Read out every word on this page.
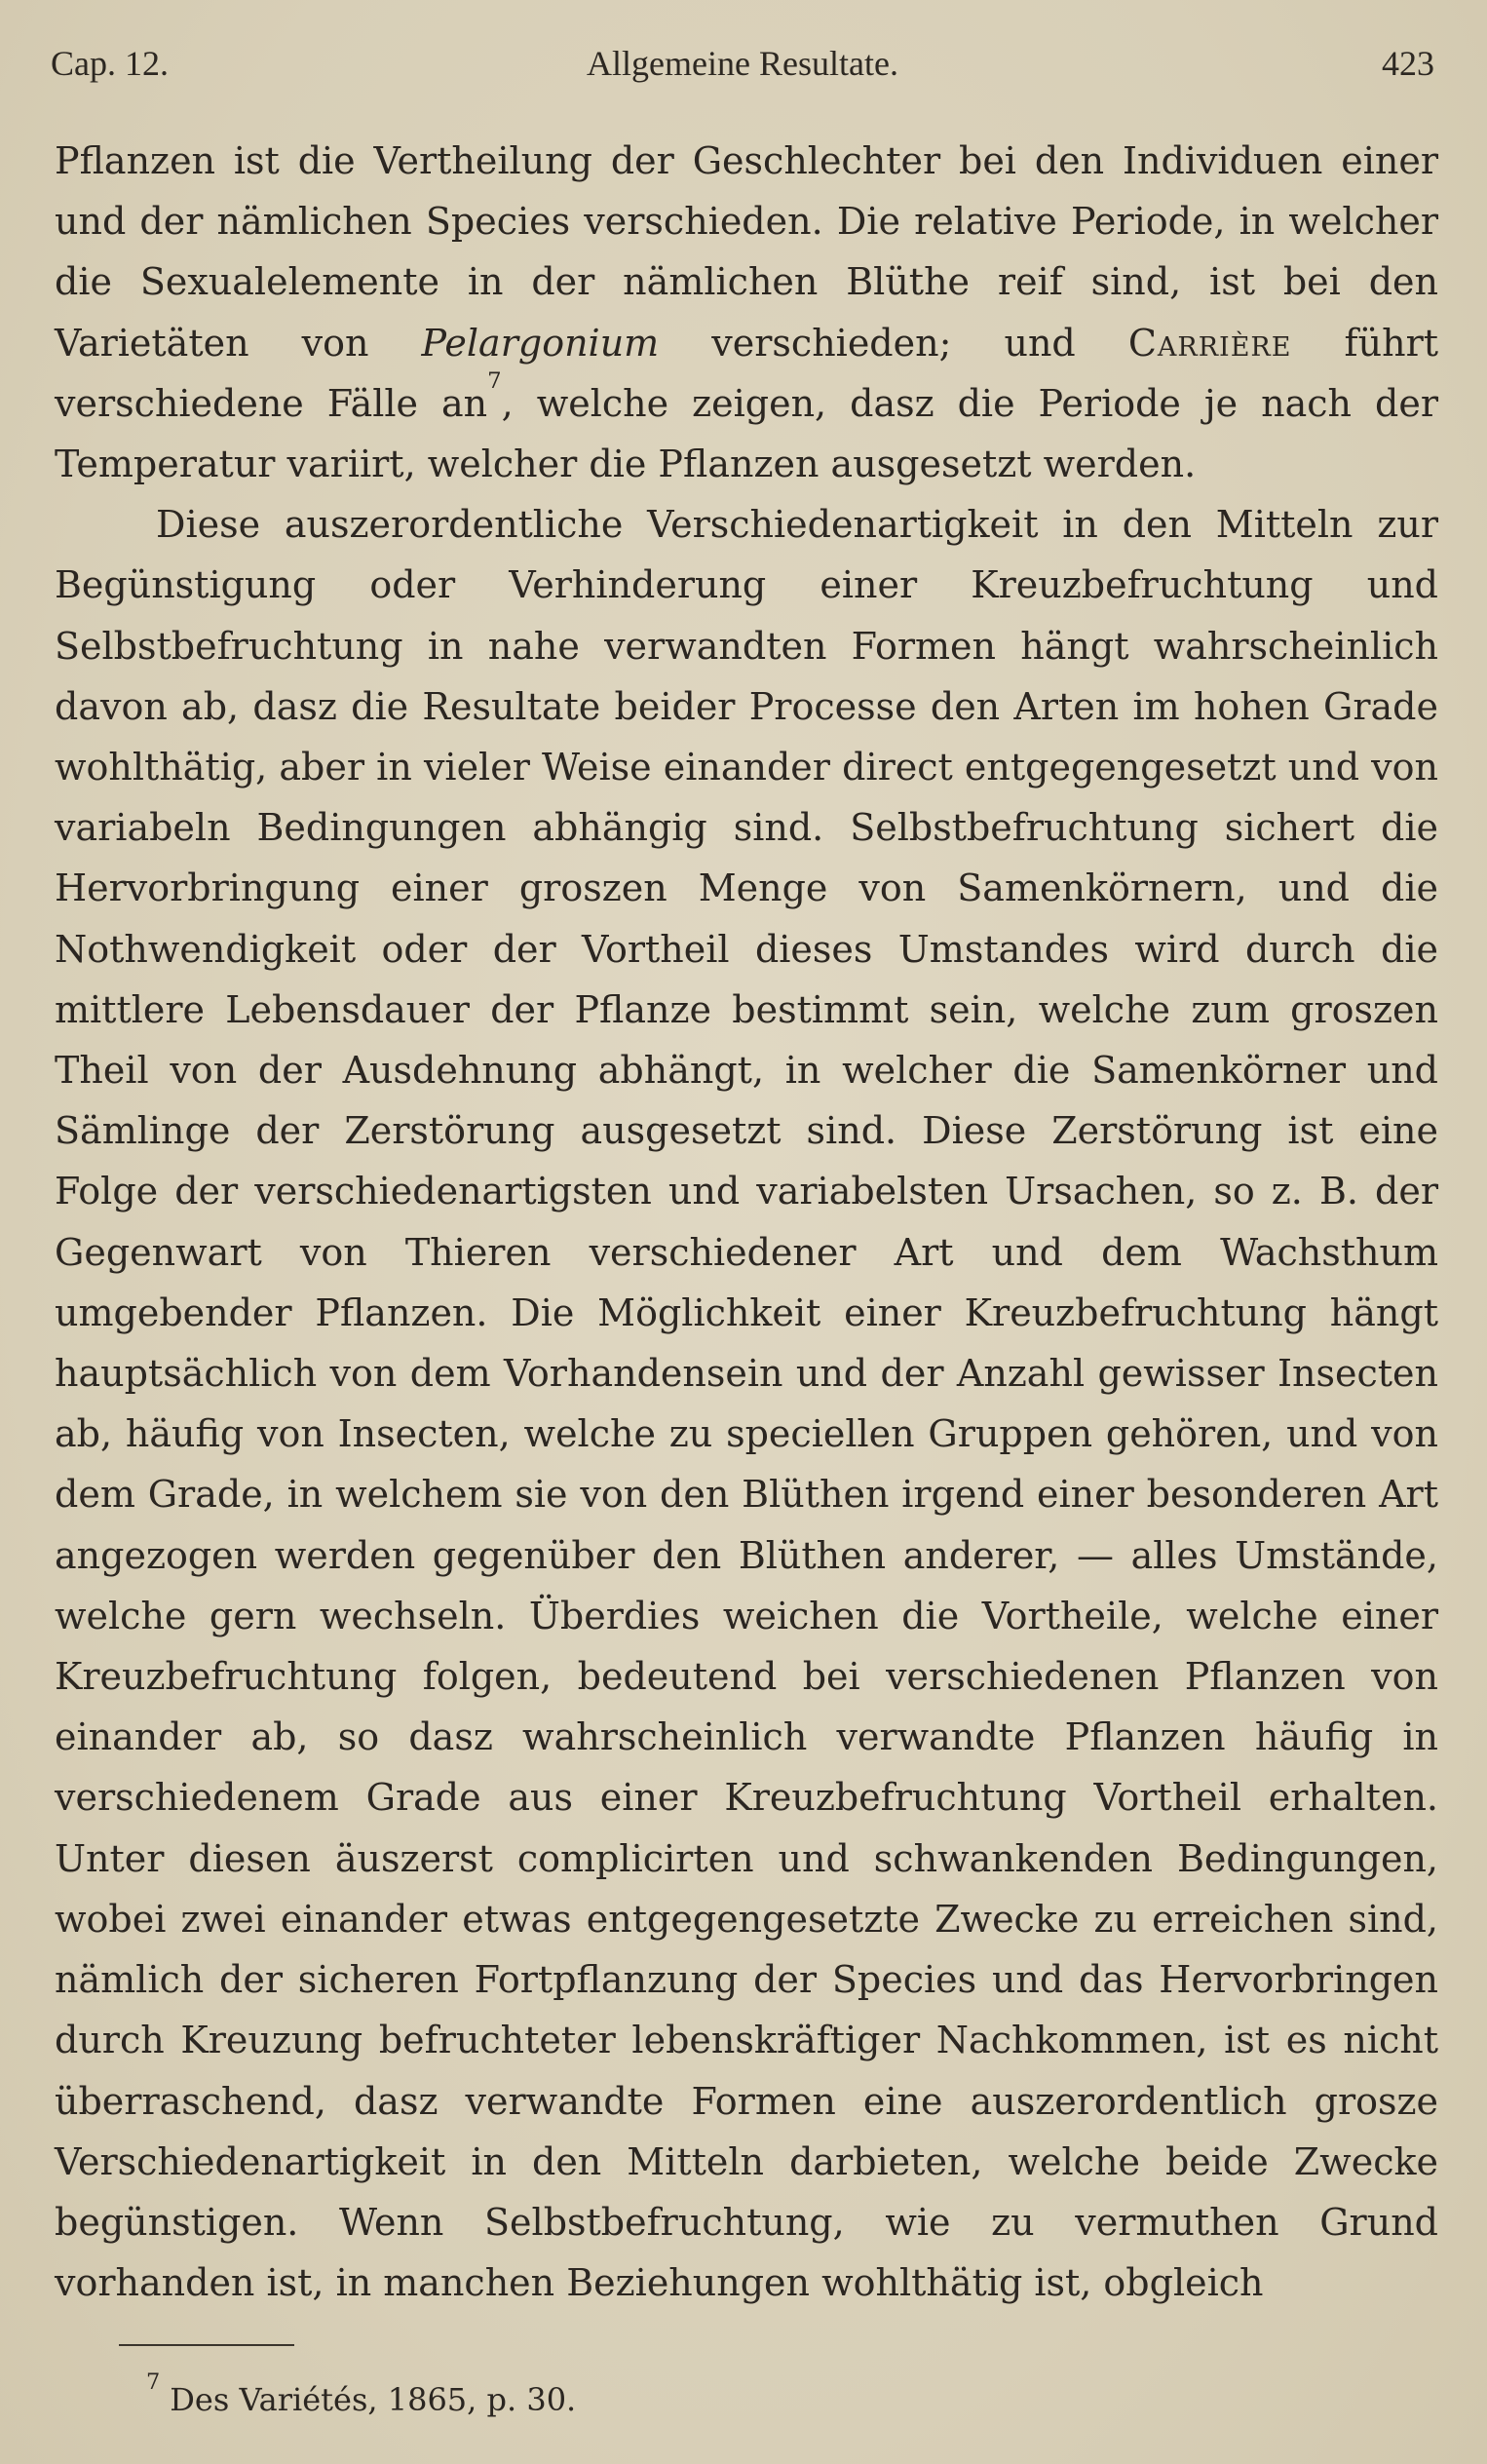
Cap. 12.	Allgemeine Resultate.	423

Pflanzen ist die Vertheilung der Geschlechter bei den Individuen einer und der nämlichen Species verschieden. Die relative Periode, in welcher die Sexualelemente in der nämlichen Blüthe reif sind, ist bei den Varietäten von Pelargonium verschieden; und Carrière führt verschiedene Fälle $an^7$, welche zeigen, dasz die Periode je nach der Temperatur variirt, welcher die Pflanzen ausgesetzt werden.

Diese auszerordentliche Verschiedenartigkeit in den Mitteln zur Begünstigung oder Verhinderung einer Kreuzbefruchtung und Selbstbefruchtung in nahe verwandten Formen hängt wahrscheinlich davon ab, dasz die Resultate beider Processe den Arten im hohen Grade wohlthätig, aber in vieler Weise einander direct entgegengesetzt und von variabeln Bedingungen abhängig sind. Selbstbefruchtung sichert die Hervorbringung einer groszen Menge von Samenkörnern, und die Nothwendigkeit oder der Vortheil dieses Umstandes wird durch die mittlere Lebensdauer der Pflanze bestimmt sein, welche zum groszen Theil von der Ausdehnung abhängt, in welcher die Samenkörner und Sämlinge der Zerstörung ausgesetzt sind. Diese Zerstörung ist eine Folge der verschiedenartigsten und variabelsten Ursachen, so z. B. der Gegenwart von Thieren verschiedener Art und dem Wachsthum umgebender Pflanzen. Die Möglichkeit einer Kreuzbefruchtung hängt hauptsächlich von dem Vorhandensein und der Anzahl gewisser Insecten ab, häufig von Insecten, welche zu speciellen Gruppen gehören, und von dem Grade, in welchem sie von den Blüthen irgend einer besonderen Art angezogen werden gegenüber den Blüthen anderer, — alles Umstände, welche gern wechseln. Überdies weichen die Vortheile, welche einer Kreuzbefruchtung folgen, bedeutend bei verschiedenen Pflanzen von einander ab, so dasz wahrscheinlich verwandte Pflanzen häufig in verschiedenem Grade aus einer Kreuzbefruchtung Vortheil erhalten. Unter diesen äuszerst complicirten und schwankenden Bedingungen, wobei zwei einander etwas entgegengesetzte Zwecke zu erreichen sind, nämlich der sicheren Fortpflanzung der Species und das Hervorbringen durch Kreuzung befruchteter lebenskräftiger Nachkommen, ist es nicht überraschend, dasz verwandte Formen eine auszerordentlich grosze Verschiedenartigkeit in den Mitteln darbieten, welche beide Zwecke begünstigen. Wenn Selbstbefruchtung, wie zu vermuthen Grund vorhanden ist, in manchen Beziehungen wohlthätig ist, obgleich

$^7$ Des Variétés, 1865, p. 30.
